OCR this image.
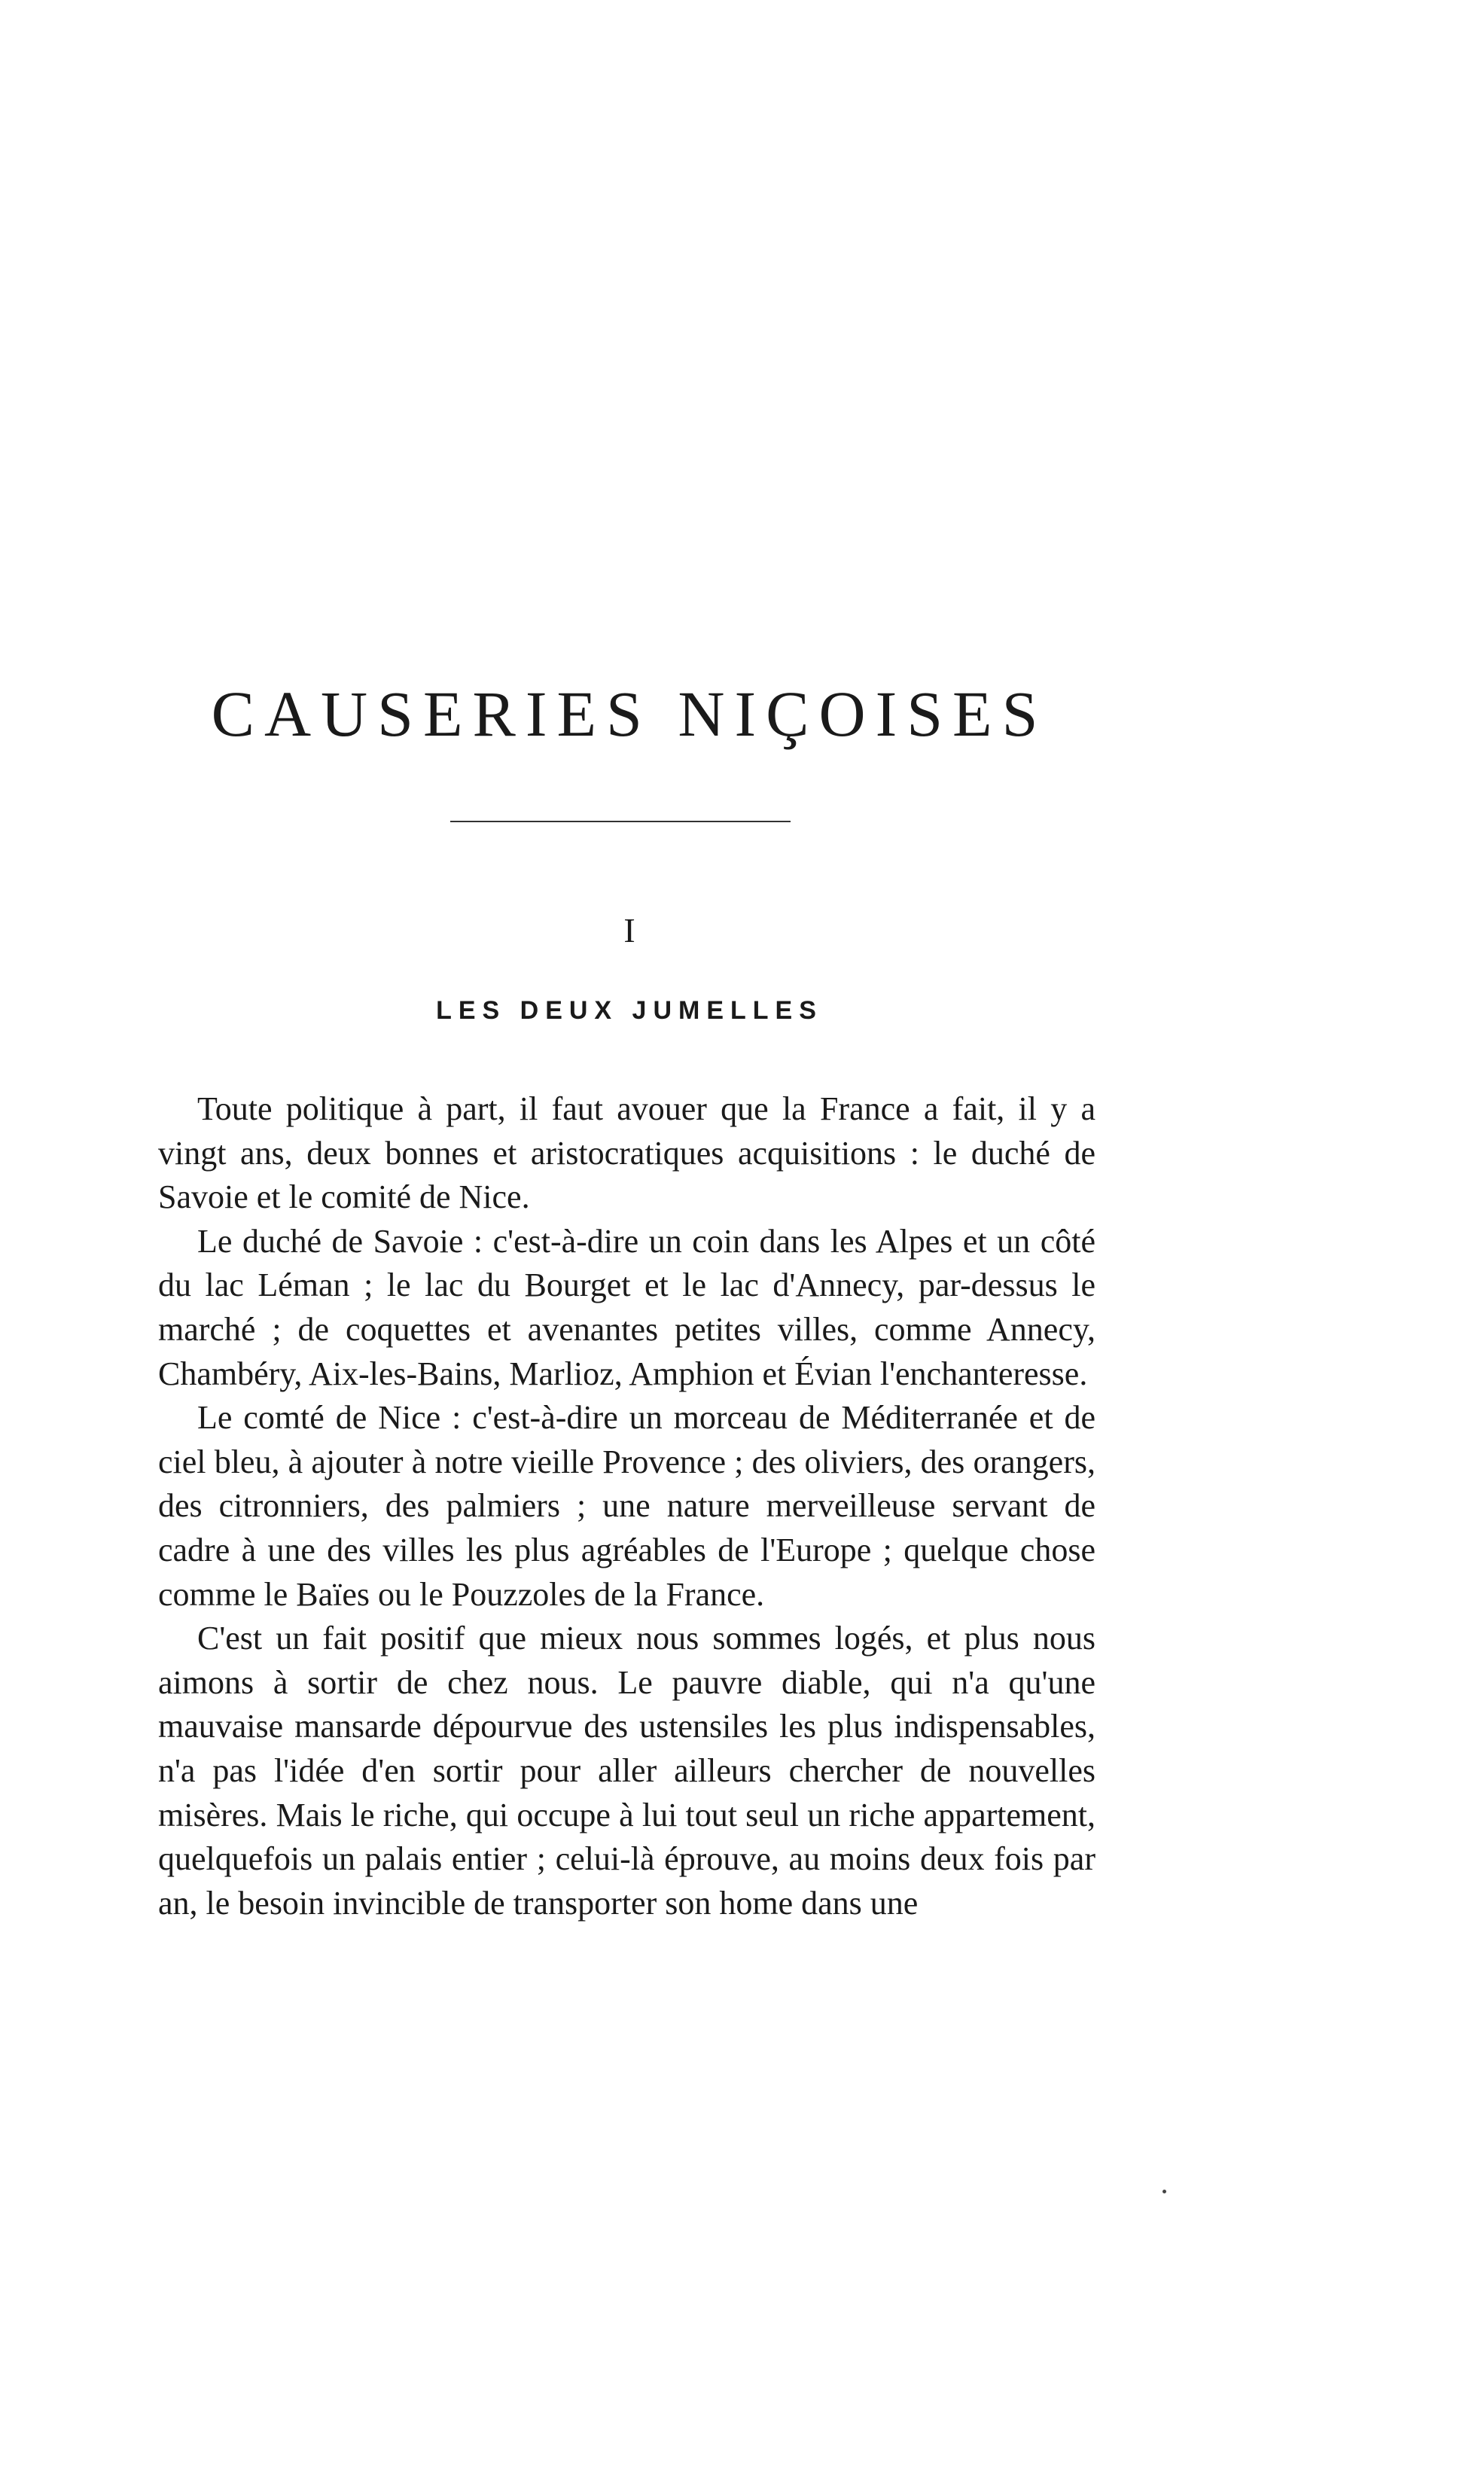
CAUSERIES NIÇOISES
I
LES DEUX JUMELLES

Toute politique à part, il faut avouer que la France a fait, il y a vingt ans, deux bonnes et aristocratiques acquisitions : le duché de Savoie et le comité de Nice.

Le duché de Savoie : c'est-à-dire un coin dans les Alpes et un côté du lac Léman ; le lac du Bourget et le lac d'Annecy, par-dessus le marché ; de coquettes et avenantes petites villes, comme Annecy, Chambéry, Aix-les-Bains, Marlioz, Amphion et Évian l'enchanteresse.

Le comté de Nice : c'est-à-dire un morceau de Méditerranée et de ciel bleu, à ajouter à notre vieille Provence ; des oliviers, des orangers, des citronniers, des palmiers ; une nature merveilleuse servant de cadre à une des villes les plus agréables de l'Europe ; quelque chose comme le Baïes ou le Pouzzoles de la France.

C'est un fait positif que mieux nous sommes logés, et plus nous aimons à sortir de chez nous. Le pauvre diable, qui n'a qu'une mauvaise mansarde dépourvue des ustensiles les plus indispensables, n'a pas l'idée d'en sortir pour aller ailleurs chercher de nouvelles misères. Mais le riche, qui occupe à lui tout seul un riche appartement, quelquefois un palais entier ; celui-là éprouve, au moins deux fois par an, le besoin invincible de transporter son home dans une
